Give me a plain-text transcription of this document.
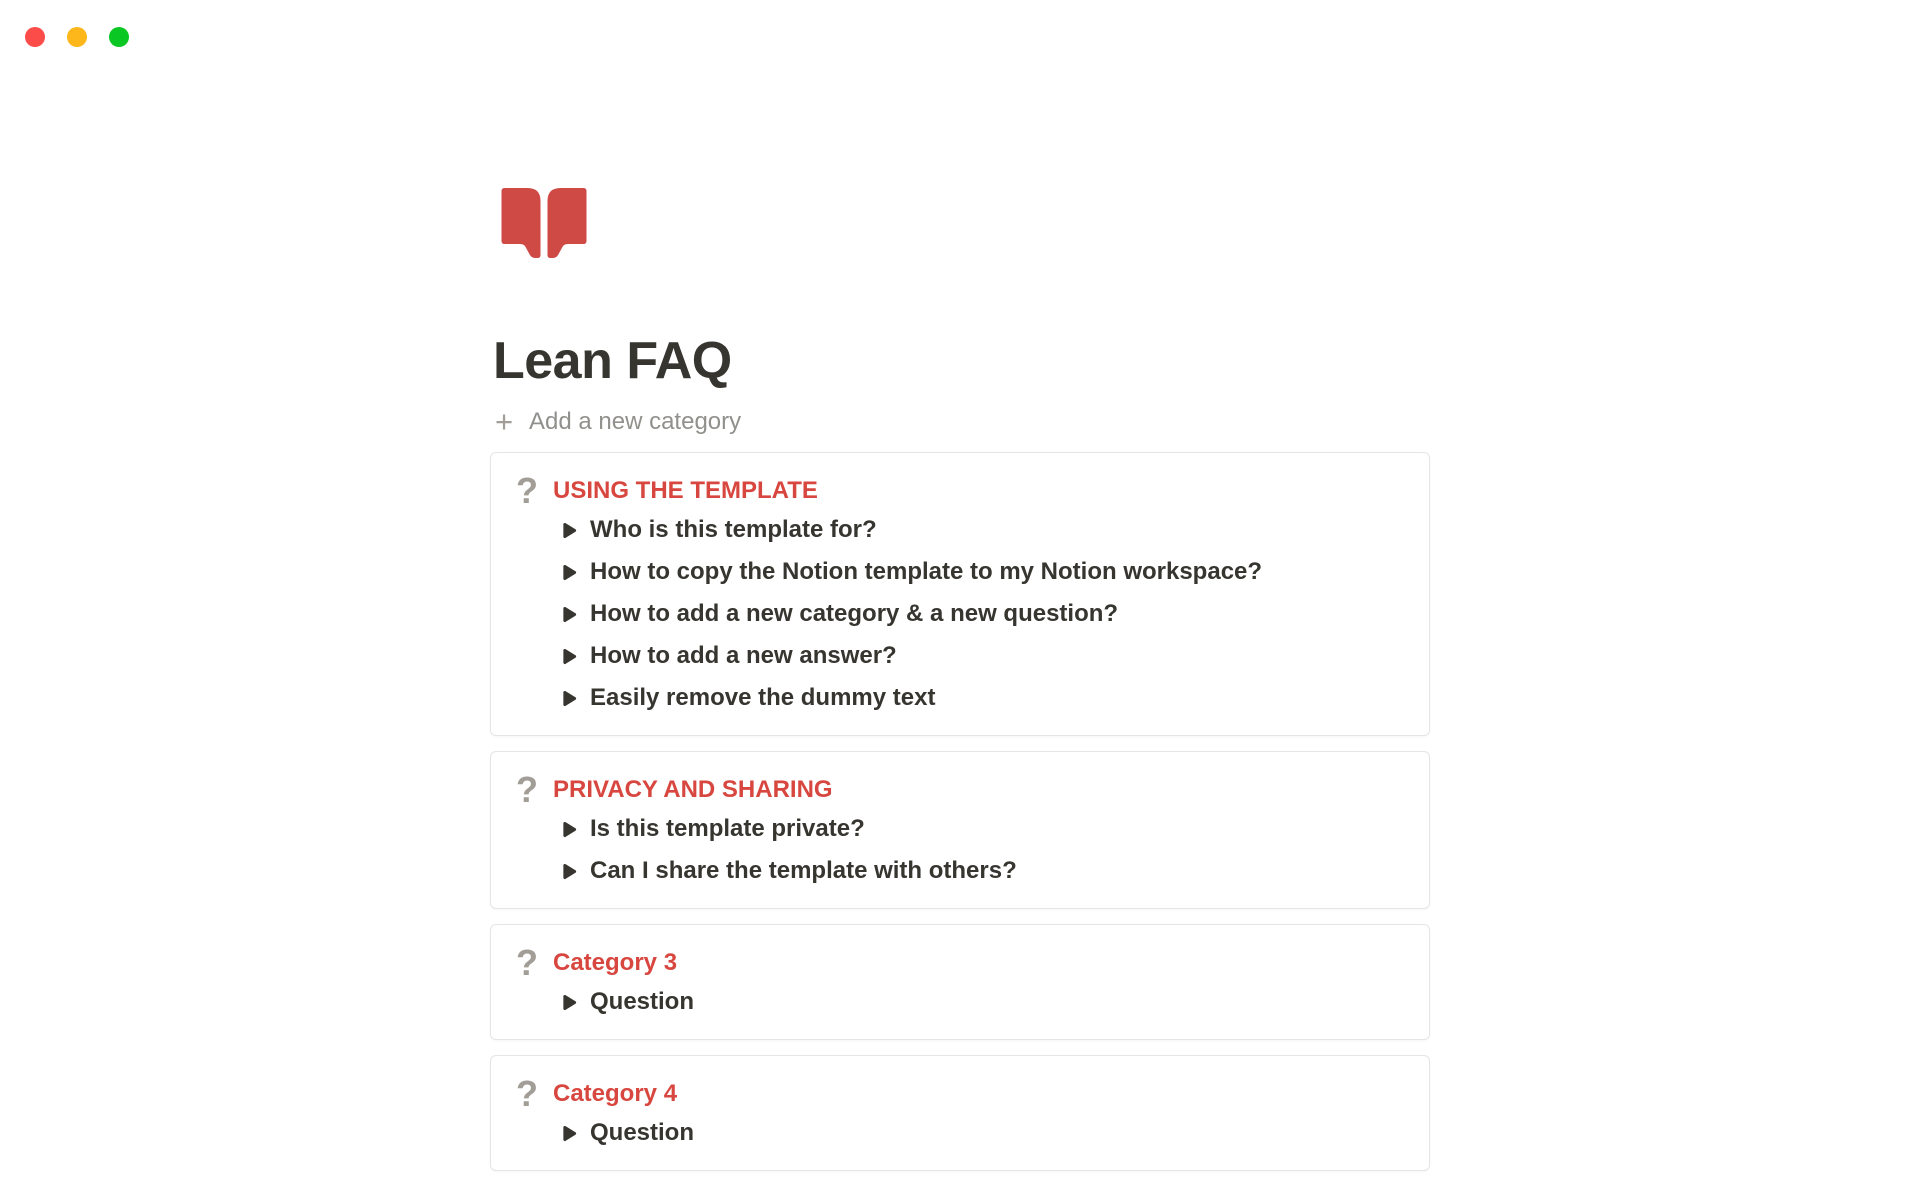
Lean FAQ
+ Add a new category
? USING THE TEMPLATE
Who is this template for?
How to copy the Notion template to my Notion workspace?
How to add a new category & a new question?
How to add a new answer?
Easily remove the dummy text
? PRIVACY AND SHARING
Is this template private?
Can I share the template with others?
? Category 3
Question
? Category 4
Question
